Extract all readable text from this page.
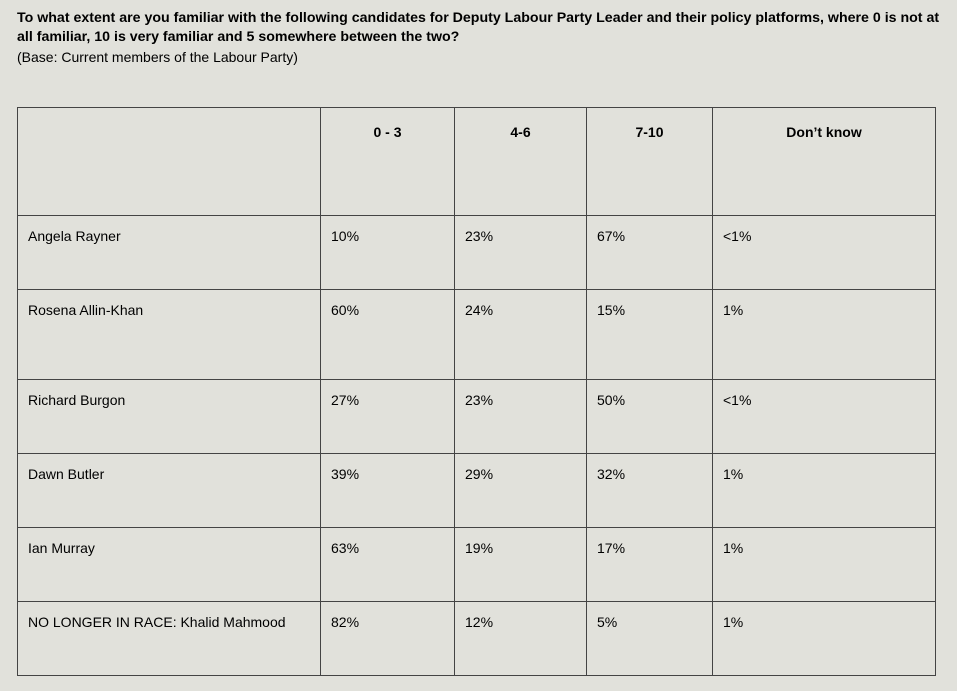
To what extent are you familiar with the following candidates for Deputy Labour Party Leader and their policy platforms, where 0 is not at all familiar, 10 is very familiar and 5 somewhere between the two?
(Base: Current members of the Labour Party)
	0 - 3	4-6	7-10	Don’t know
Angela Rayner	10%	23%	67%	<1%
Rosena Allin-Khan	60%	24%	15%	1%
Richard Burgon	27%	23%	50%	<1%
Dawn Butler	39%	29%	32%	1%
Ian Murray	63%	19%	17%	1%
NO LONGER IN RACE: Khalid Mahmood	82%	12%	5%	1%
